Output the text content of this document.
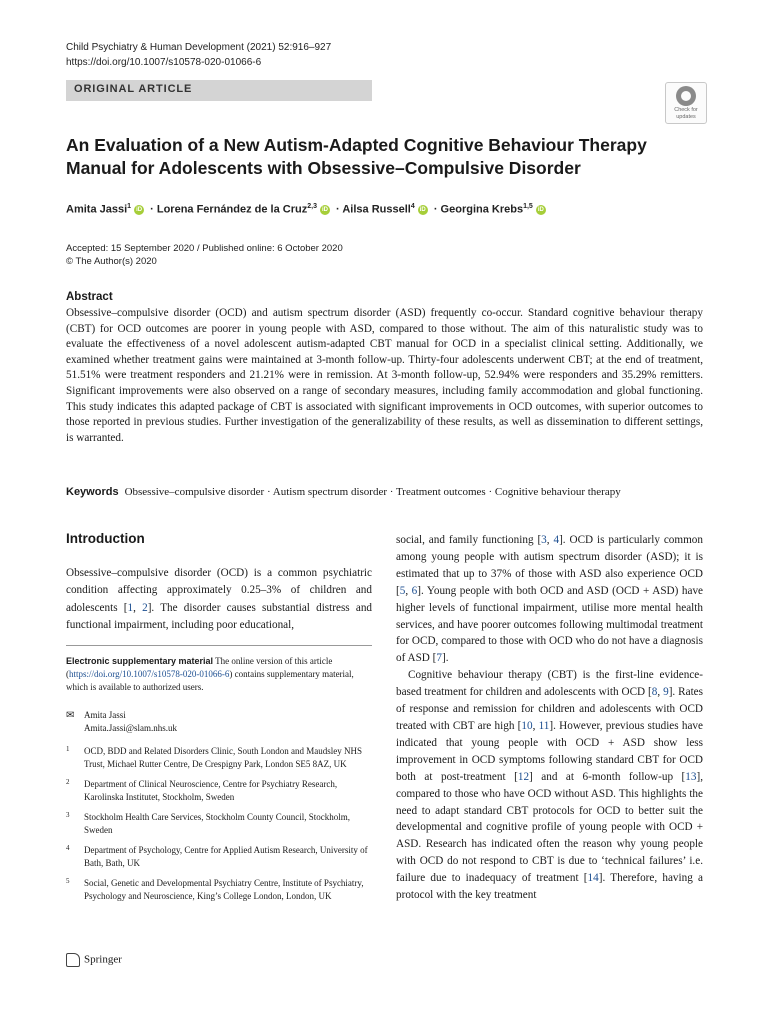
Child Psychiatry & Human Development (2021) 52:916–927
https://doi.org/10.1007/s10578-020-01066-6
ORIGINAL ARTICLE
Check for
updates
An Evaluation of a New Autism-Adapted Cognitive Behaviour Therapy
Manual for Adolescents with Obsessive–Compulsive Disorder
Amita Jassi$^1$ iD · Lorena Fernández de la Cruz$^{2,3}$ iD · Ailsa Russell$^4$ iD · Georgina Krebs$^{1,5}$ iD
Accepted: 15 September 2020 / Published online: 6 October 2020
© The Author(s) 2020
Abstract
Obsessive–compulsive disorder (OCD) and autism spectrum disorder (ASD) frequently co-occur. Standard cognitive behaviour therapy (CBT) for OCD outcomes are poorer in young people with ASD, compared to those without. The aim of this naturalistic study was to evaluate the effectiveness of a novel adolescent autism-adapted CBT manual for OCD in a specialist clinical setting. Additionally, we examined whether treatment gains were maintained at 3-month follow-up. Thirty-four adolescents underwent CBT; at the end of treatment, 51.51% were treatment responders and 21.21% were in remission. At 3-month follow-up, 52.94% were responders and 35.29% remitters. Significant improvements were also observed on a range of secondary measures, including family accommodation and global functioning. This study indicates this adapted package of CBT is associated with significant improvements in OCD outcomes, with superior outcomes to those reported in previous studies. Further investigation of the generalizability of these results, as well as dissemination to different settings, is warranted.
Keywords Obsessive–compulsive disorder · Autism spectrum disorder · Treatment outcomes · Cognitive behaviour therapy
Introduction
Obsessive–compulsive disorder (OCD) is a common psychiatric condition affecting approximately 0.25–3% of children and adolescents [1, 2]. The disorder causes substantial distress and functional impairment, including poor educational,
Electronic supplementary material The online version of this article (https://doi.org/10.1007/s10578-020-01066-6) contains supplementary material, which is available to authorized users.
✉ Amita Jassi
Amita.Jassi@slam.nhs.uk
1 OCD, BDD and Related Disorders Clinic, South London and Maudsley NHS Trust, Michael Rutter Centre, De Crespigny Park, London SE5 8AZ, UK
2 Department of Clinical Neuroscience, Centre for Psychiatry Research, Karolinska Institutet, Stockholm, Sweden
3 Stockholm Health Care Services, Stockholm County Council, Stockholm, Sweden
4 Department of Psychology, Centre for Applied Autism Research, University of Bath, Bath, UK
5 Social, Genetic and Developmental Psychiatry Centre, Institute of Psychiatry, Psychology and Neuroscience, King’s College London, London, UK
Springer

social, and family functioning [3, 4]. OCD is particularly common among young people with autism spectrum disorder (ASD); it is estimated that up to 37% of those with ASD also experience OCD [5, 6]. Young people with both OCD and ASD (OCD + ASD) have higher levels of functional impairment, utilise more mental health services, and have poorer outcomes following multimodal treatment for OCD, compared to those with OCD who do not have a diagnosis of ASD [7].

Cognitive behaviour therapy (CBT) is the first-line evidence-based treatment for children and adolescents with OCD [8, 9]. Rates of response and remission for children and adolescents with OCD treated with CBT are high [10, 11]. However, previous studies have indicated that young people with OCD + ASD show less improvement in OCD symptoms following standard CBT for OCD both at post-treatment [12] and at 6-month follow-up [13], compared to those who have OCD without ASD. This highlights the need to adapt standard CBT protocols for OCD to better suit the developmental and cognitive profile of young people with OCD + ASD. Research has indicated often the reason why young people with OCD do not respond to CBT is due to ‘technical failures’ i.e. failure due to inadequacy of treatment [14]. Therefore, having a protocol with the key treatment
